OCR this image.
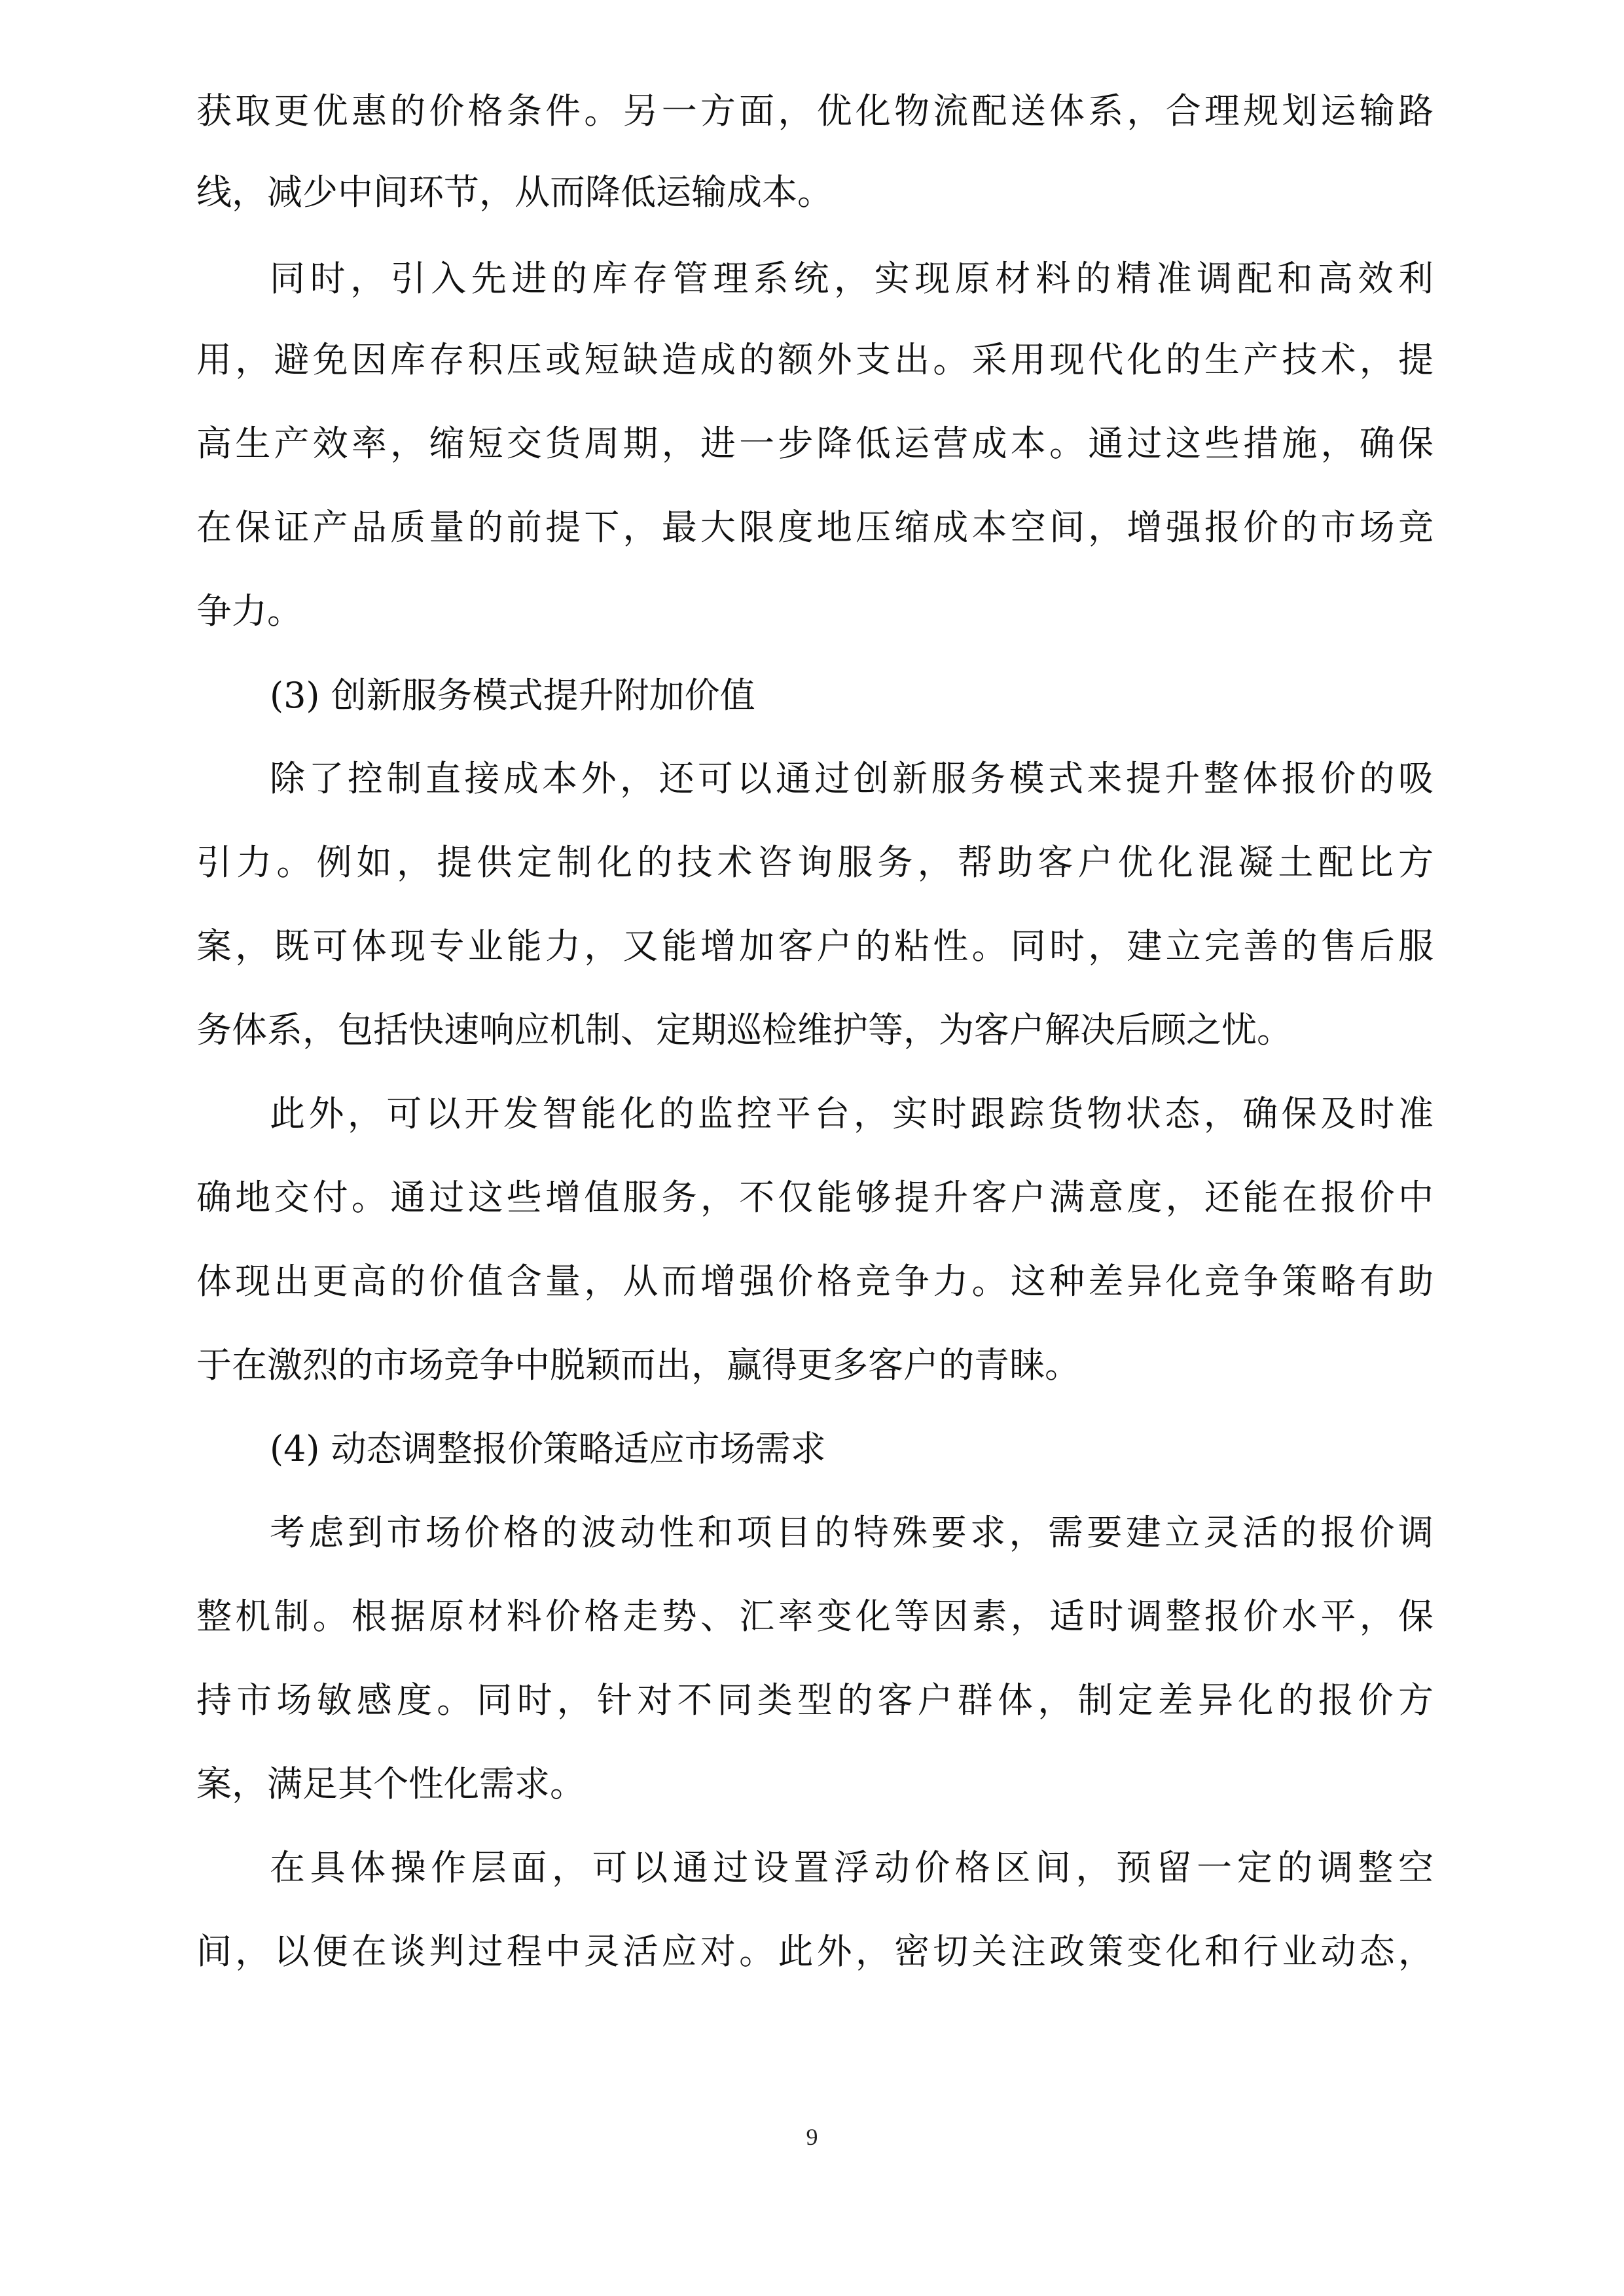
获取更优惠的价格条件。另一方面，优化物流配送体系，合理规划运输路
线，减少中间环节，从而降低运输成本。
同时，引入先进的库存管理系统，实现原材料的精准调配和高效利
用，避免因库存积压或短缺造成的额外支出。采用现代化的生产技术，提
高生产效率，缩短交货周期，进一步降低运营成本。通过这些措施，确保
在保证产品质量的前提下，最大限度地压缩成本空间，增强报价的市场竞
争力。
(3) 创新服务模式提升附加价值
除了控制直接成本外，还可以通过创新服务模式来提升整体报价的吸
引力。例如，提供定制化的技术咨询服务，帮助客户优化混凝土配比方
案，既可体现专业能力，又能增加客户的粘性。同时，建立完善的售后服
务体系，包括快速响应机制、定期巡检维护等，为客户解决后顾之忧。
此外，可以开发智能化的监控平台，实时跟踪货物状态，确保及时准
确地交付。通过这些增值服务，不仅能够提升客户满意度，还能在报价中
体现出更高的价值含量，从而增强价格竞争力。这种差异化竞争策略有助
于在激烈的市场竞争中脱颖而出，赢得更多客户的青睐。
(4) 动态调整报价策略适应市场需求
考虑到市场价格的波动性和项目的特殊要求，需要建立灵活的报价调
整机制。根据原材料价格走势、汇率变化等因素，适时调整报价水平，保
持市场敏感度。同时，针对不同类型的客户群体，制定差异化的报价方
案，满足其个性化需求。
在具体操作层面，可以通过设置浮动价格区间，预留一定的调整空
间，以便在谈判过程中灵活应对。此外，密切关注政策变化和行业动态，
9
